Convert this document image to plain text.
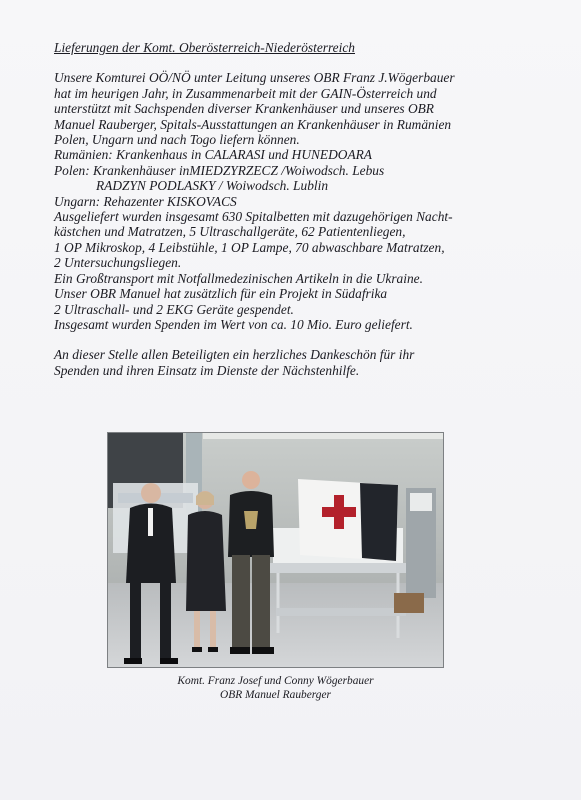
Lieferungen der Komt. Oberösterreich-Niederösterreich
Unsere Komturei OÖ/NÖ unter Leitung unseres OBR Franz J.Wögerbauer
hat im heurigen Jahr, in Zusammenarbeit mit der GAIN-Österreich und
unterstützt mit Sachspenden diverser Krankenhäuser und unseres OBR
Manuel Rauberger, Spitals-Ausstattungen an Krankenhäuser in Rumänien
Polen, Ungarn und nach Togo liefern können.
Rumänien: Krankenhaus in CALARASI und HUNEDOARA
Polen: Krankenhäuser inMIEDZYRZECZ /Woiwodsch. Lebus
RADZYN PODLASKY / Woiwodsch. Lublin
Ungarn: Rehazenter KISKOVACS
Ausgeliefert wurden insgesamt 630 Spitalbetten mit dazugehörigen Nacht-
kästchen und Matratzen, 5 Ultraschallgeräte, 62 Patientenliegen,
1 OP Mikroskop, 4 Leibstühle, 1 OP Lampe, 70 abwaschbare Matratzen,
2 Untersuchungsliegen.
Ein Großtransport mit Notfallmedezinischen Artikeln in die Ukraine.
Unser OBR Manuel hat zusätzlich für ein Projekt in Südafrika
2 Ultraschall- und 2 EKG Geräte gespendet.
Insgesamt wurden Spenden im Wert von ca. 10 Mio. Euro geliefert.
An dieser Stelle allen Beteiligten ein herzliches Dankeschön für ihr
Spenden und ihren Einsatz im Dienste der Nächstenhilfe.
Komt. Franz Josef und Conny Wögerbauer
OBR Manuel Rauberger
